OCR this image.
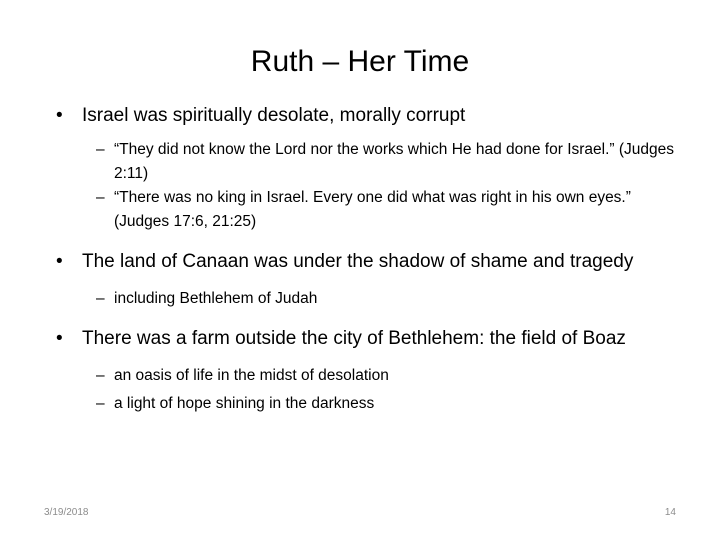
Ruth – Her Time
• Israel was spiritually desolate, morally corrupt
– “They did not know the Lord nor the works which He had done for Israel.” (Judges 2:11)
– “There was no king in Israel. Every one did what was right in his own eyes.” (Judges 17:6, 21:25)
• The land of Canaan was under the shadow of shame and tragedy
– including Bethlehem of Judah
• There was a farm outside the city of Bethlehem: the field of Boaz
– an oasis of life in the midst of desolation
– a light of hope shining in the darkness
3/19/2018	14
